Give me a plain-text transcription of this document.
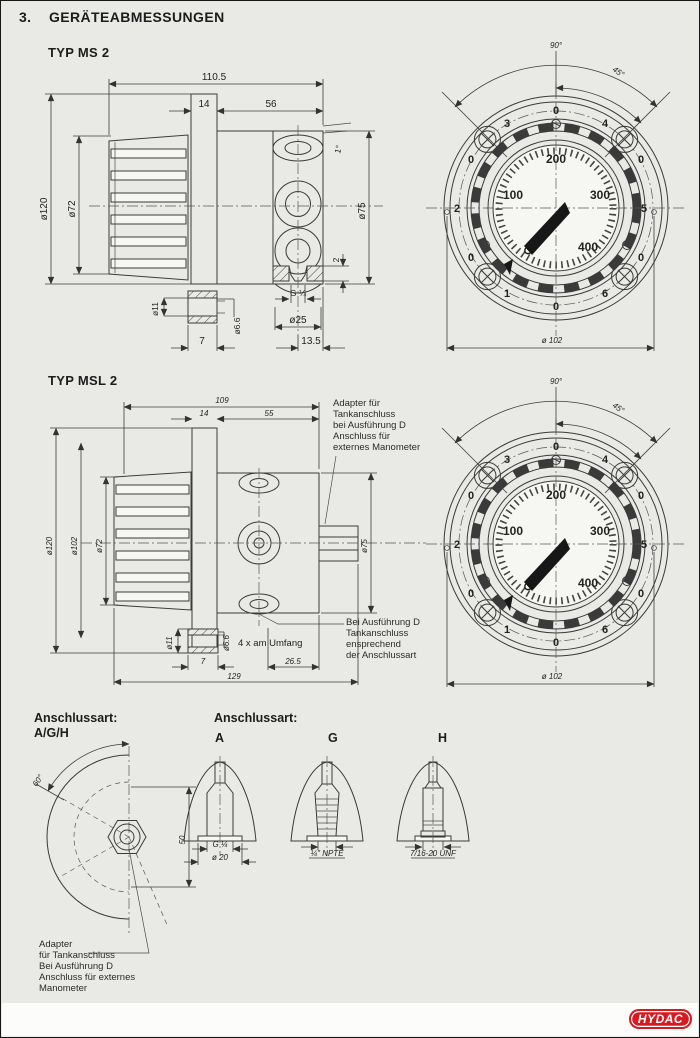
3. GERÄTEABMESSUNGEN
TYP MS 2
110.5
14	56
ø120 ø72	ø75
1°
2
ø11
ø6.6
7
G ¼
ø25
13.5
90°
45°
ø 102
100
200
300
400
0
4
0
5
0
6
0
1
0
2
0
3
TYP MSL 2
109
14	55
ø120 ø102 ø72	ø75
ø11	ø6.6 4 x am Umfang
7	26.5
129
Adapter für
Tankanschluss
bei Ausführung D
Anschluss für
externes Manometer
Bei Ausführung D
Tankanschluss
ensprechend
der Anschlussart
90°
45°
ø 102
100
200
300
400
0
4
0
5
0
6
0
1
0
2
0
3
Anschlussart:
A/G/H
Anschlussart:
A	G	H
60°
50	G ¼
ø 20	¼" NPTE	7/16-20 UNF
Adapter
für Tankanschluss
Bei Ausführung D
Anschluss für externes
Manometer
HYDAC
